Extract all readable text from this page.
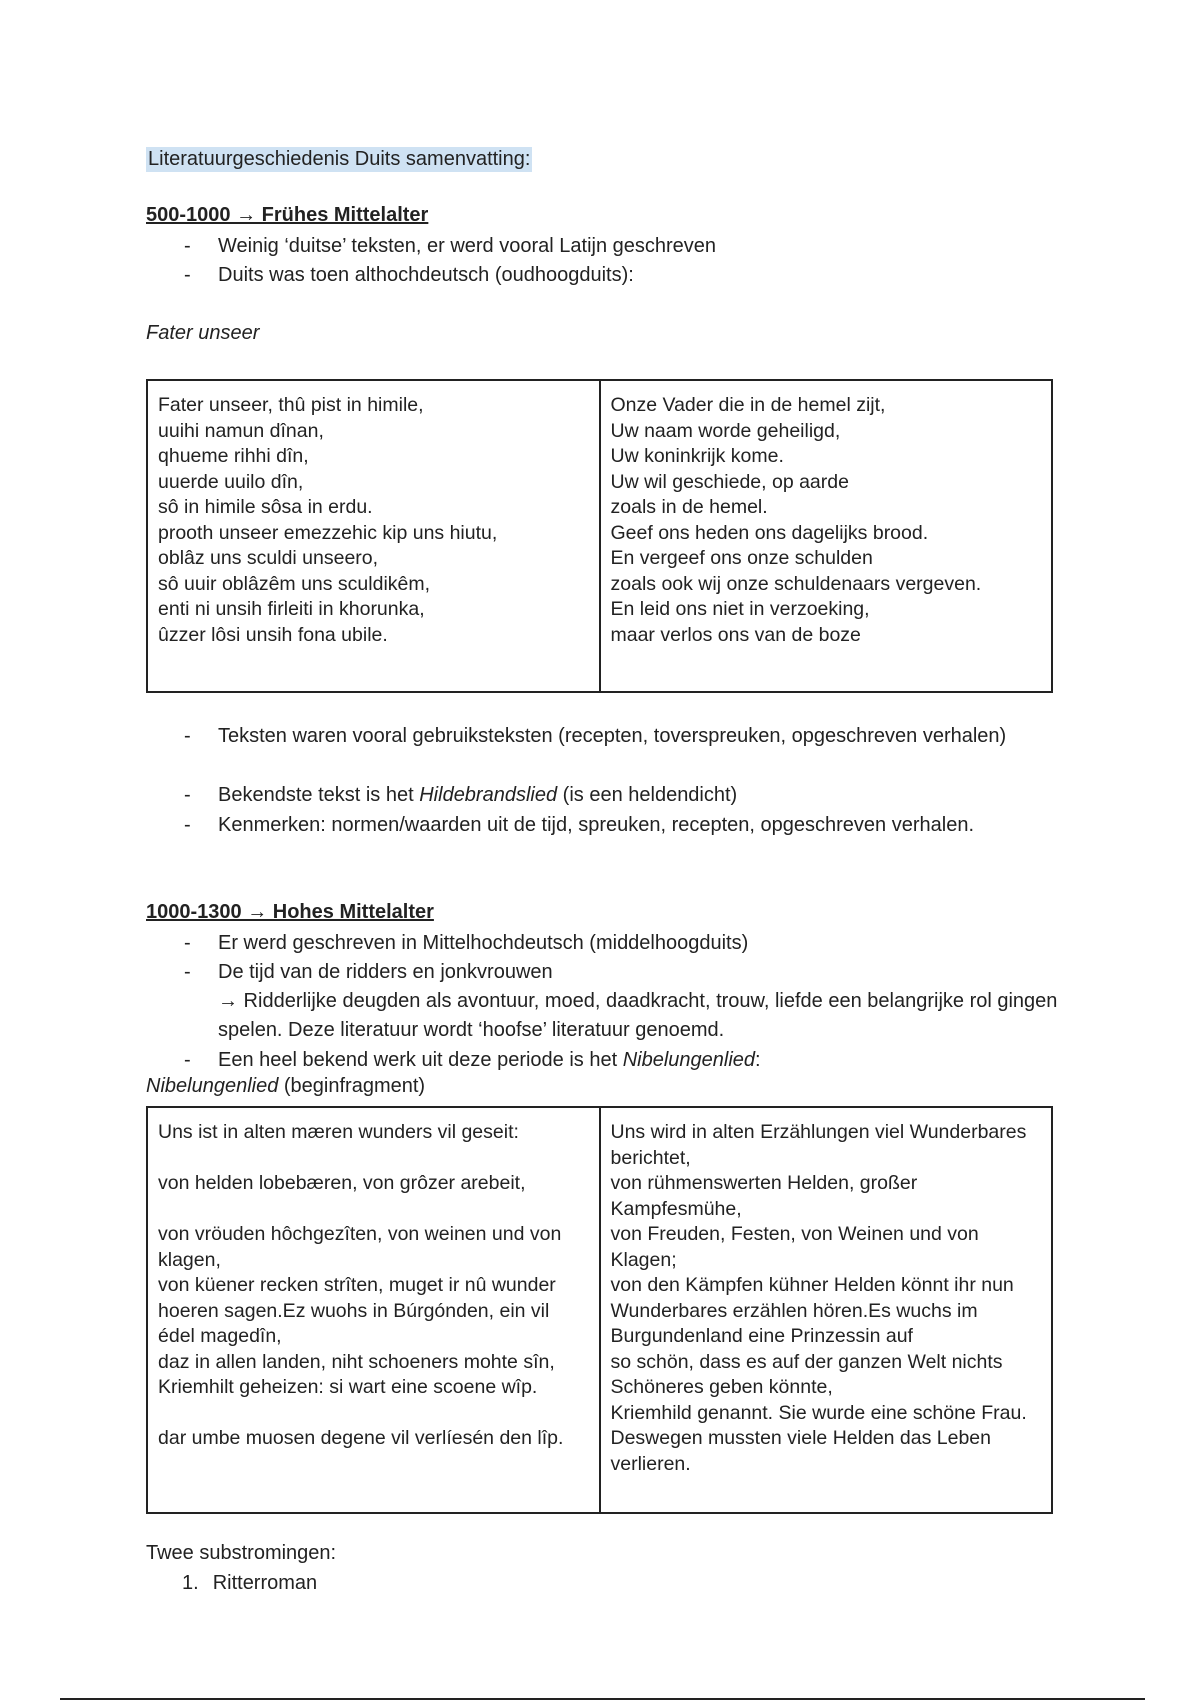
Literatuurgeschiedenis Duits samenvatting:
500-1000 → Frühes Mittelalter
- Weinig ‘duitse’ teksten, er werd vooral Latijn geschreven
- Duits was toen althochdeutsch (oudhoogduits):
Fater unseer
Fater unseer, thû pist in himile,
uuihi namun dînan,
qhueme rihhi dîn,
uuerde uuilo dîn,
sô in himile sôsa in erdu.
prooth unseer emezzehic kip uns hiutu,
oblâz uns sculdi unseero,
sô uuir oblâzêm uns sculdikêm,
enti ni unsih firleiti in khorunka,
ûzzer lôsi unsih fona ubile.

Onze Vader die in de hemel zijt,
Uw naam worde geheiligd,
Uw koninkrijk kome.
Uw wil geschiede, op aarde
zoals in de hemel.
Geef ons heden ons dagelijks brood.
En vergeef ons onze schulden
zoals ook wij onze schuldenaars vergeven.
En leid ons niet in verzoeking,
maar verlos ons van de boze
- Teksten waren vooral gebruiksteksten (recepten, toverspreuken, opgeschreven verhalen)
- Bekendste tekst is het Hildebrandslied (is een heldendicht)
- Kenmerken: normen/waarden uit de tijd, spreuken, recepten, opgeschreven verhalen.
1000-1300 → Hohes Mittelalter
- Er werd geschreven in Mittelhochdeutsch (middelhoogduits)
- De tijd van de ridders en jonkvrouwen
→ Ridderlijke deugden als avontuur, moed, daadkracht, trouw, liefde een belangrijke rol gingen spelen. Deze literatuur wordt ‘hoofse’ literatuur genoemd.
- Een heel bekend werk uit deze periode is het Nibelungenlied:
Nibelungenlied (beginfragment)
Uns ist in alten mæren wunders vil geseit:

von helden lobebæren, von grôzer arebeit,

von vröuden hôchgezîten, von weinen und von klagen,
von küener recken strîten, muget ir nû wunder hoeren sagen.Ez wuohs in Búrgónden, ein vil édel magedîn,
daz in allen landen, niht schoeners mohte sîn,
Kriemhilt geheizen: si wart eine scoene wîp.

dar umbe muosen degene vil verlíesén den lîp.

Uns wird in alten Erzählungen viel Wunderbares berichtet,
von rühmenswerten Helden, großer Kampfesmühe,
von Freuden, Festen, von Weinen und von Klagen;
von den Kämpfen kühner Helden könnt ihr nun Wunderbares erzählen hören.Es wuchs im Burgundenland eine Prinzessin auf
so schön, dass es auf der ganzen Welt nichts Schöneres geben könnte,
Kriemhild genannt. Sie wurde eine schöne Frau.
Deswegen mussten viele Helden das Leben verlieren.
Twee substromingen:
1. Ritterroman
